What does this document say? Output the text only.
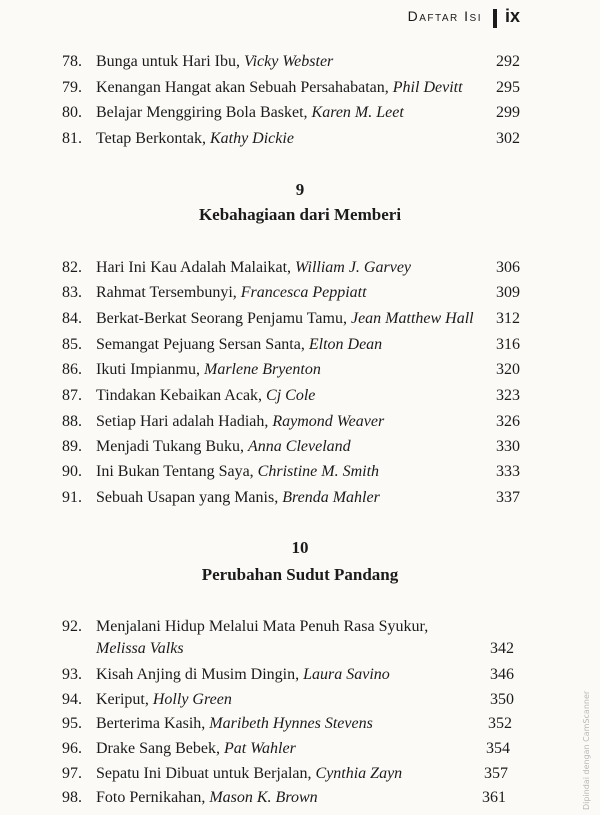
Daftar Isi ix
78. Bunga untuk Hari Ibu, Vicky Webster	292
79. Kenangan Hangat akan Sebuah Persahabatan, Phil Devitt 295
80. Belajar Menggiring Bola Basket, Karen M. Leet	299
81. Tetap Berkontak, Kathy Dickie	302
9
Kebahagiaan dari Memberi
82. Hari Ini Kau Adalah Malaikat, William J. Garvey	306
83. Rahmat Tersembunyi, Francesca Peppiatt	309
84. Berkat-Berkat Seorang Penjamu Tamu, Jean Matthew Hall 312
85. Semangat Pejuang Sersan Santa, Elton Dean	316
86. Ikuti Impianmu, Marlene Bryenton	320
87. Tindakan Kebaikan Acak, Cj Cole	323
88. Setiap Hari adalah Hadiah, Raymond Weaver	326
89. Menjadi Tukang Buku, Anna Cleveland	330
90. Ini Bukan Tentang Saya, Christine M. Smith	333
91. Sebuah Usapan yang Manis, Brenda Mahler	337
10
Perubahan Sudut Pandang
92. Menjalani Hidup Melalui Mata Penuh Rasa Syukur,
Melissa Valks	342
93. Kisah Anjing di Musim Dingin, Laura Savino	346
94. Keriput, Holly Green	350
95. Berterima Kasih, Maribeth Hynnes Stevens	352
96. Drake Sang Bebek, Pat Wahler	354
97. Sepatu Ini Dibuat untuk Berjalan, Cynthia Zayn	357
98. Foto Pernikahan, Mason K. Brown	361	Dipindai dengan CamScanner
